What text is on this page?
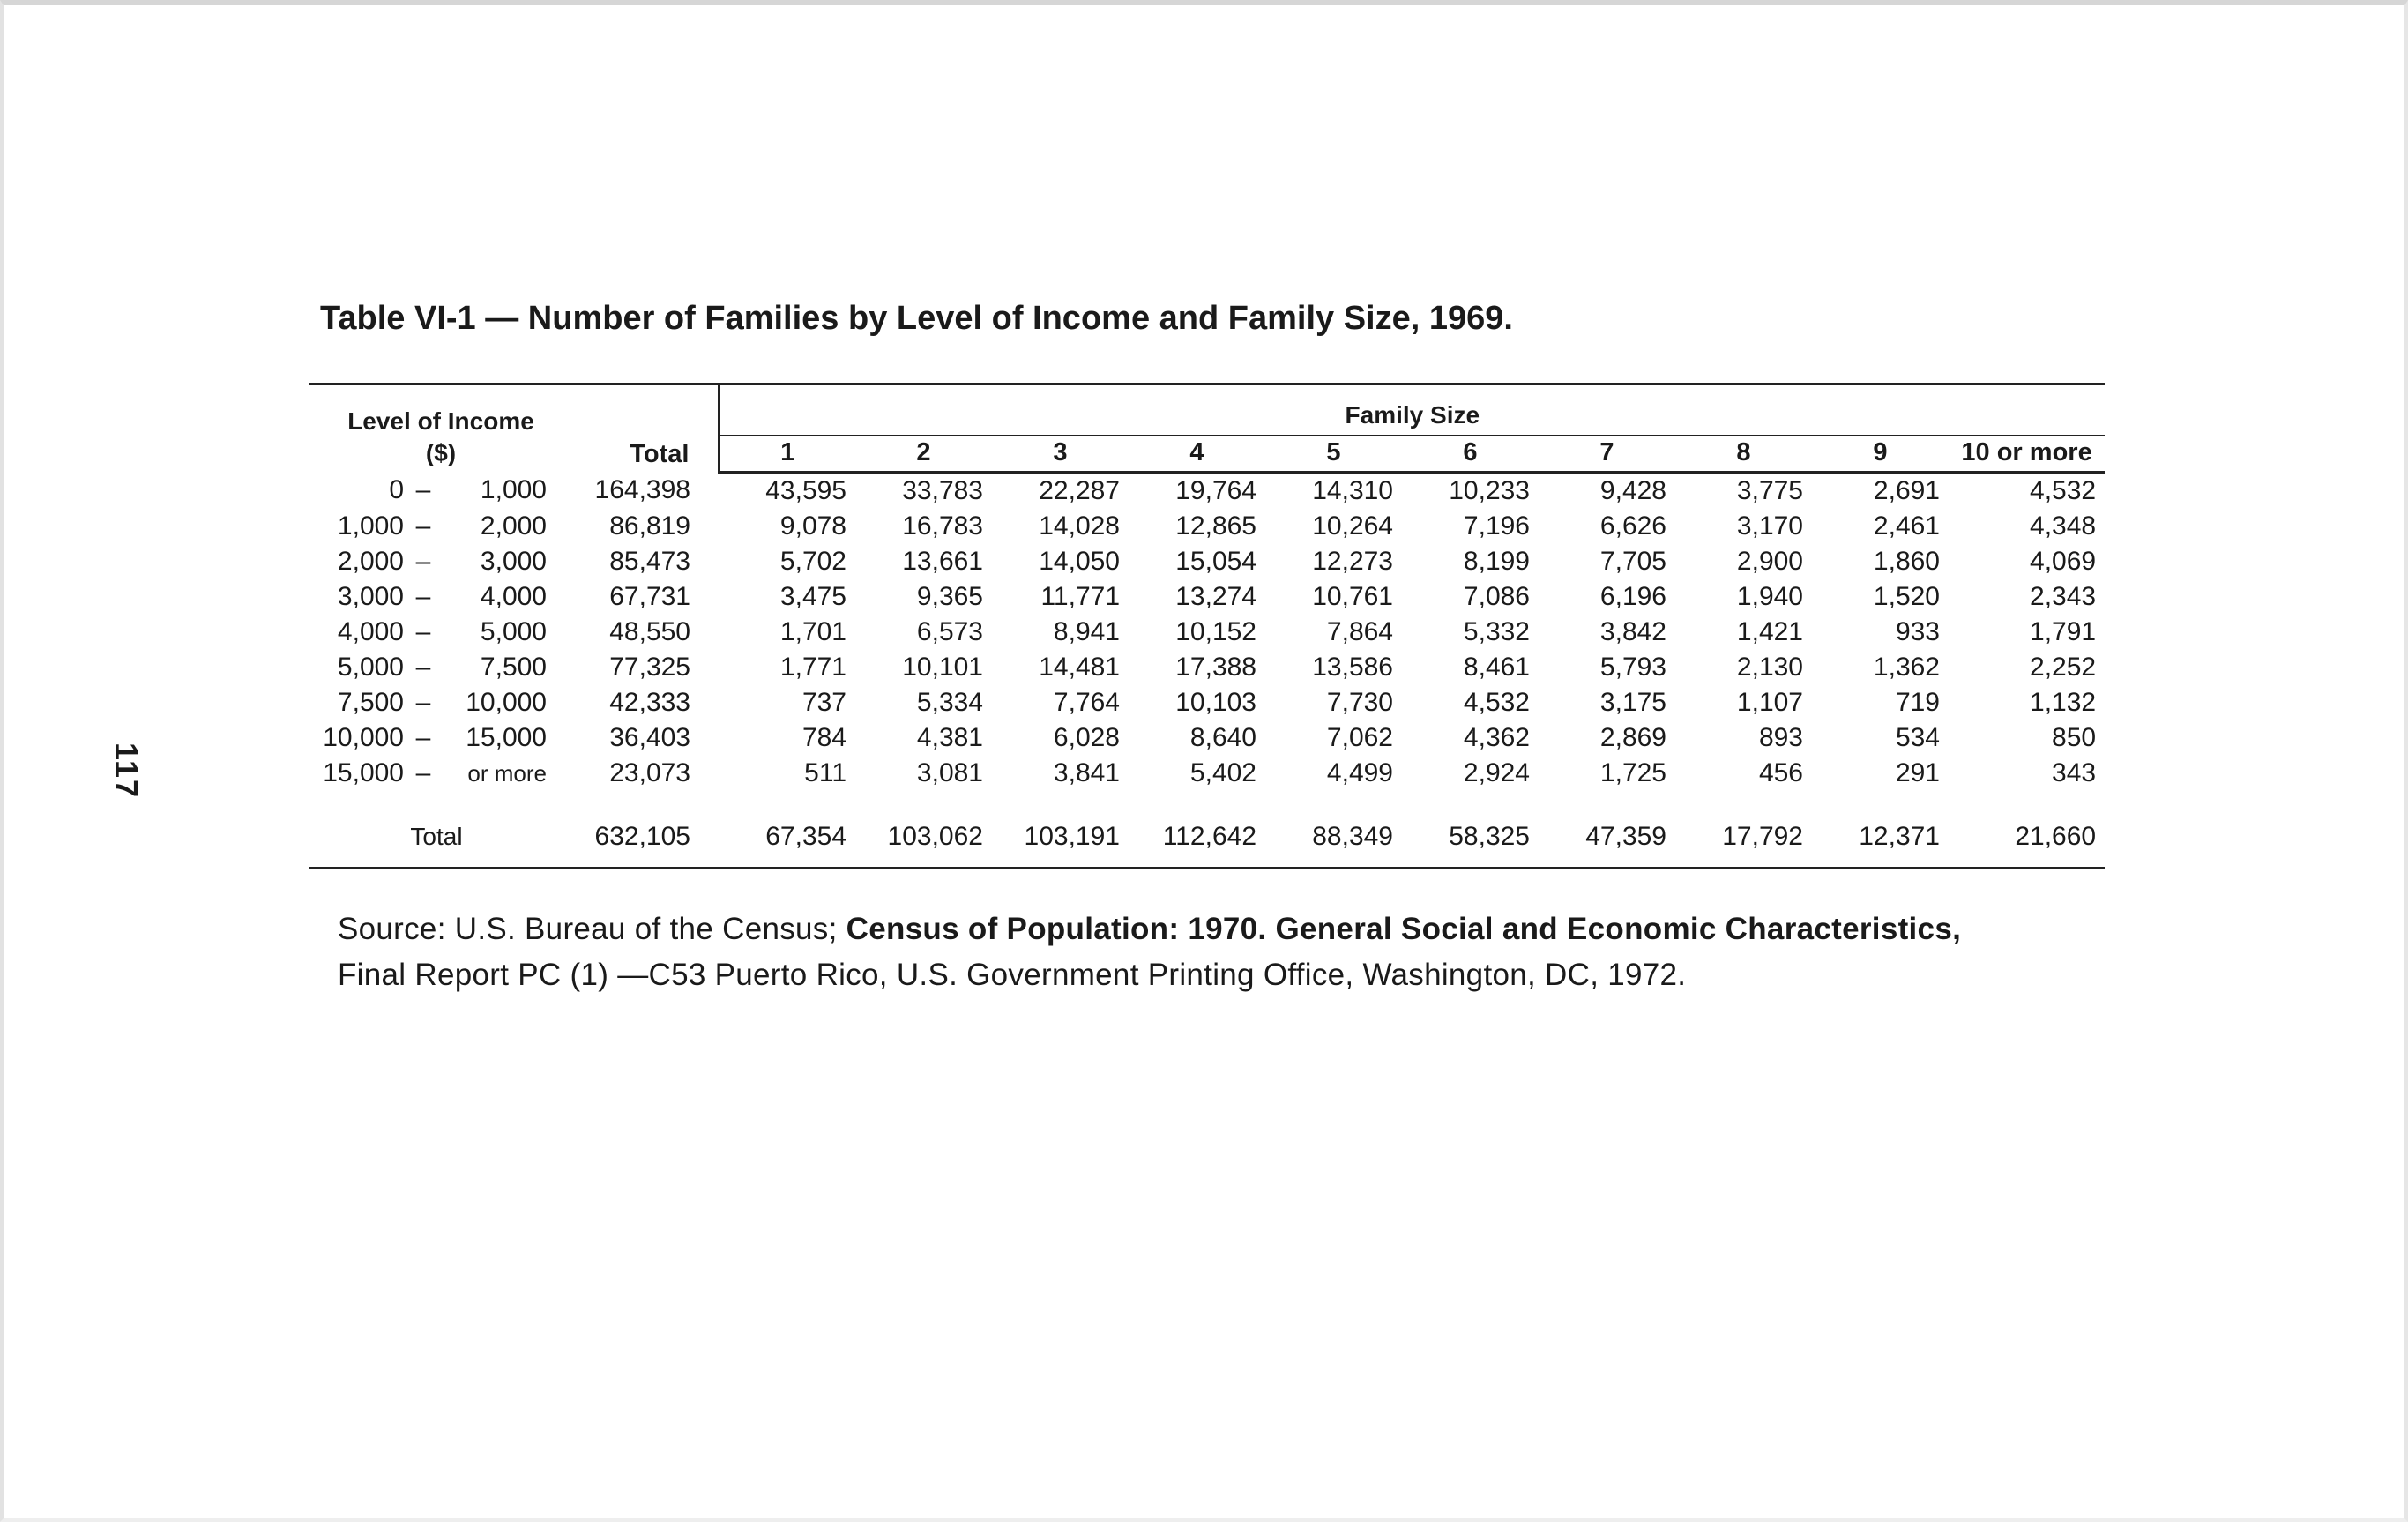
117
Table VI-1 — Number of Families by Level of Income and Family Size, 1969.
Level of Income
($)	Total	Family Size									
		1	2	3	4	5	6	7	8	9	10 or more
0 – 1,000	164,398	43,595	33,783	22,287	19,764	14,310	10,233	9,428	3,775	2,691	4,532
1,000 – 2,000	86,819	9,078	16,783	14,028	12,865	10,264	7,196	6,626	3,170	2,461	4,348
2,000 – 3,000	85,473	5,702	13,661	14,050	15,054	12,273	8,199	7,705	2,900	1,860	4,069
3,000 – 4,000	67,731	3,475	9,365	11,771	13,274	10,761	7,086	6,196	1,940	1,520	2,343
4,000 – 5,000	48,550	1,701	6,573	8,941	10,152	7,864	5,332	3,842	1,421	933	1,791
5,000 – 7,500	77,325	1,771	10,101	14,481	17,388	13,586	8,461	5,793	2,130	1,362	2,252
7,500 – 10,000	42,333	737	5,334	7,764	10,103	7,730	4,532	3,175	1,107	719	1,132
10,000 – 15,000	36,403	784	4,381	6,028	8,640	7,062	4,362	2,869	893	534	850
15,000 – or more	23,073	511	3,081	3,841	5,402	4,499	2,924	1,725	456	291	343

Total	632,105	67,354	103,062	103,191	112,642	88,349	58,325	47,359	17,792	12,371	21,660
Source: U.S. Bureau of the Census; Census of Population: 1970. General Social and Economic Characteristics,
Final Report PC (1) —C53 Puerto Rico, U.S. Government Printing Office, Washington, DC, 1972.
